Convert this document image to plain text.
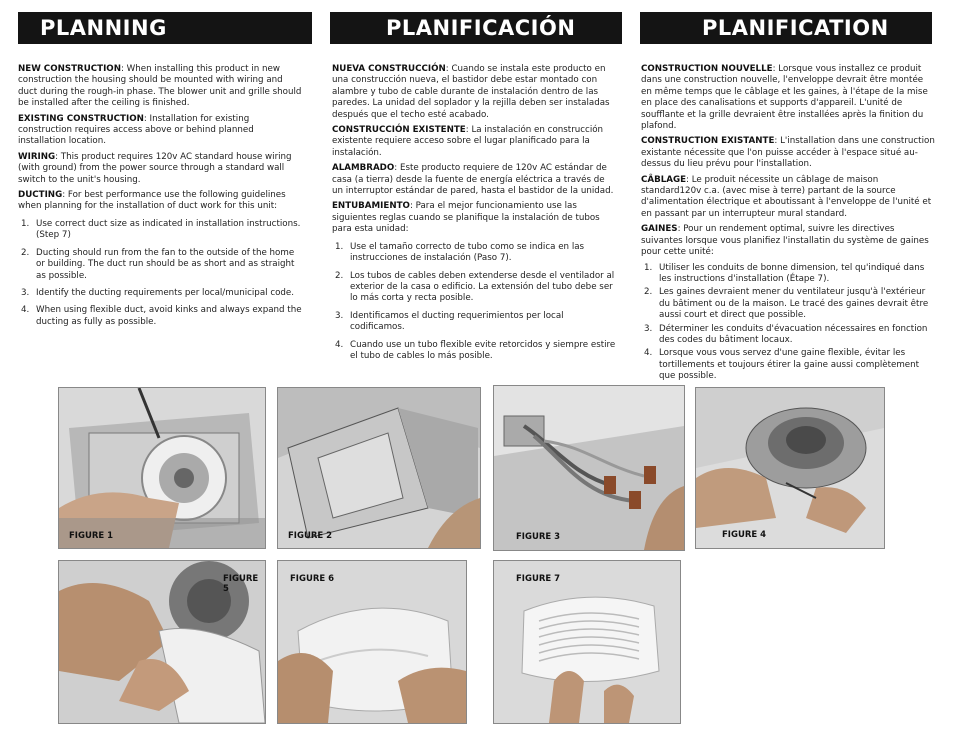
PLANNING

NEW CONSTRUCTION: When installing this product in new construction the housing should be mounted with wiring and duct during the rough-in phase. The blower unit and grille should be installed after the ceiling is finished.

EXISTING CONSTRUCTION: Installation for existing construction requires access above or behind planned installation location.

WIRING: This product requires 120v AC standard house wiring (with ground) from the power source through a standard wall switch to the unit's housing.

DUCTING: For best performance use the following guidelines when planning for the installation of duct work for this unit:

1. Use correct duct size as indicated in installation instructions. (Step 7)
2. Ducting should run from the fan to the outside of the home or building. The duct run should be as short and as straight as possible.
3. Identify the ducting requirements per local/municipal code.
4. When using flexible duct, avoid kinks and always expand the ducting as fully as possible.
PLANIFICACIÓN

NUEVA CONSTRUCCIÓN: Cuando se instala este producto en una construcción nueva, el bastidor debe estar montado con alambre y tubo de cable durante de instalación dentro de las paredes. La unidad del soplador y la rejilla deben ser instaladas después que el techo esté acabado.

CONSTRUCCIÓN EXISTENTE: La instalación en construcción existente requiere acceso sobre el lugar planificado para la instalación.

ALAMBRADO: Este producto requiere de 120v AC estándar de casa (a tierra) desde la fuente de energía eléctrica a través de un interruptor estándar de pared, hasta el bastidor de la unidad.

ENTUBAMIENTO: Para el mejor funcionamiento use las siguientes reglas cuando se planifique la instalación de tubos para esta unidad:

1. Use el tamaño correcto de tubo como se indica en las instrucciones de instalación (Paso 7).
2. Los tubos de cables deben extenderse desde el ventilador al exterior de la casa o edificio. La extensión del tubo debe ser lo más corta y recta posible.
3. Identificamos el ducting requerimientos per local codificamos.
4. Cuando use un tubo flexible evite retorcidos y siempre estire el tubo de cables lo más posible.
PLANIFICATION

CONSTRUCTION NOUVELLE: Lorsque vous installez ce produit dans une construction nouvelle, l'enveloppe devrait être montée en même temps que le câblage et les gaines, à l'étape de la mise en place des canalisations et supports d'appareil. L'unité de soufflante et la grille devraient être installées après la finition du plafond.

CONSTRUCTION EXISTANTE: L'installation dans une construction existante nécessite que l'on puisse accéder à l'espace situé au-dessus du lieu prévu pour l'installation.

CÂBLAGE: Le produit nécessite un câblage de maison standard120v c.a. (avec mise à terre) partant de la source d'alimentation électrique et aboutissant à l'enveloppe de l'unité et en passant par un interrupteur mural standard.

GAINES: Pour un rendement optimal, suivre les directives suivantes lorsque vous planifiez l'installatin du système de gaines pour cette unité:

1. Utiliser les conduits de bonne dimension, tel qu'indiqué dans les instructions d'installation (Étape 7).
2. Les gaines devraient mener du ventilateur jusqu'à l'extérieur du bâtiment ou de la maison. Le tracé des gaines devrait être aussi court et direct que possible.
3. Déterminer les conduits d'évacuation nécessaires en fonction des codes du bâtiment locaux.
4. Lorsque vous vous servez d'une gaine flexible, évitar les tortillements et toujours étirer la gaine aussi complètement que possible.
FIGURE 1	FIGURE 2	FIGURE 3	FIGURE 4
FIGURE 5
FIGURE 6	FIGURE 7
